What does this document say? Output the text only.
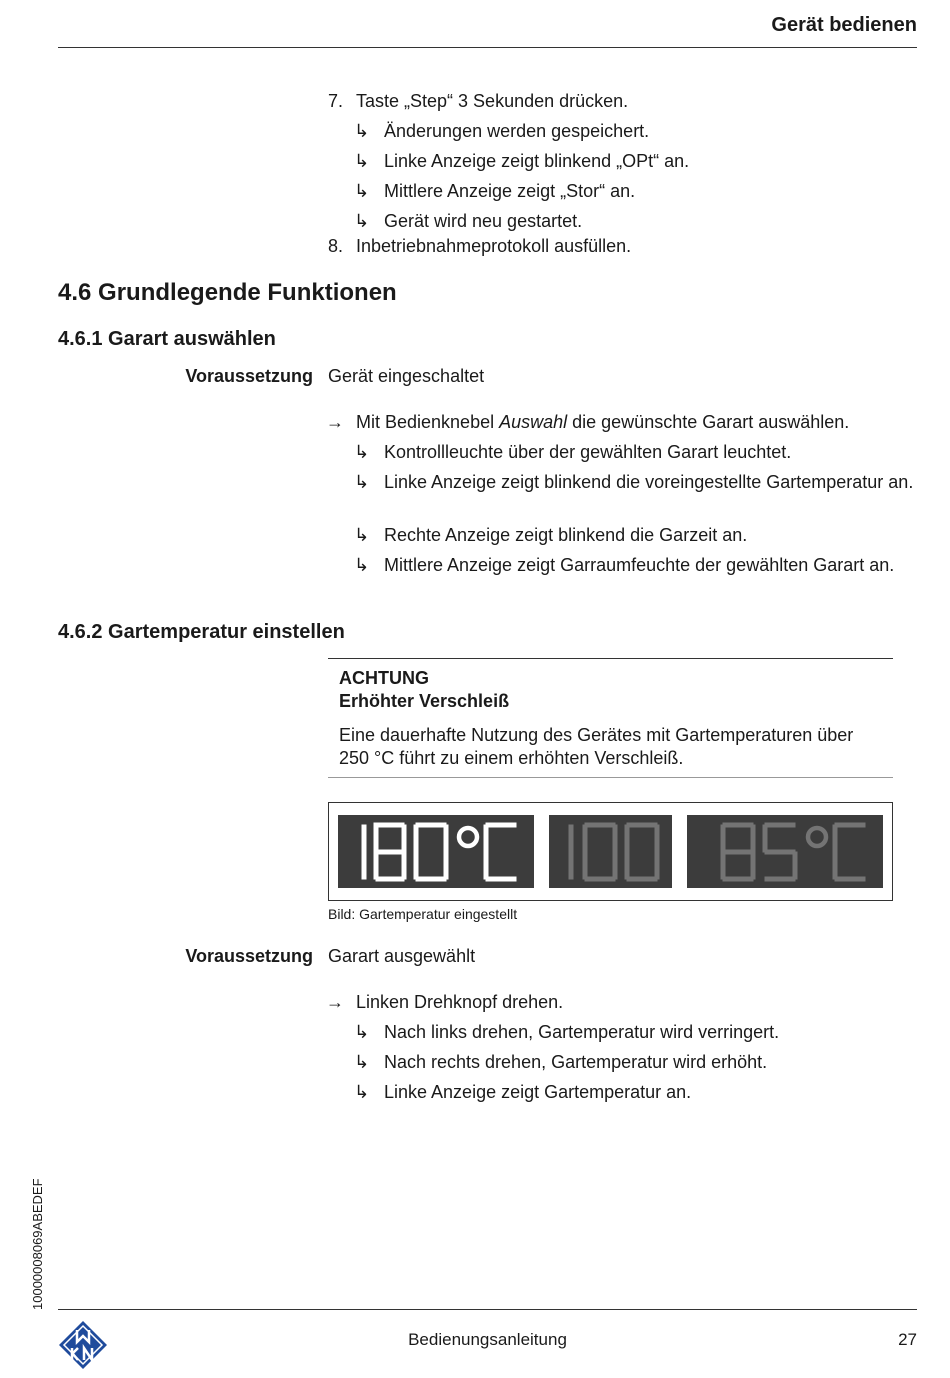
Gerät bedienen
7. Taste „Step“ 3 Sekunden drücken.
↳ Änderungen werden gespeichert.
↳ Linke Anzeige zeigt blinkend „OPt“ an.
↳ Mittlere Anzeige zeigt „Stor“ an.
↳ Gerät wird neu gestartet.
8. Inbetriebnahmeprotokoll ausfüllen.
4.6 Grundlegende Funktionen
4.6.1 Garart auswählen
Voraussetzung Gerät eingeschaltet
→ Mit Bedienknebel Auswahl die gewünschte Garart auswählen.
↳ Kontrollleuchte über der gewählten Garart leuchtet.
↳ Linke Anzeige zeigt blinkend die voreingestellte Gartemperatur an.
↳ Rechte Anzeige zeigt blinkend die Garzeit an.
↳ Mittlere Anzeige zeigt Garraumfeuchte der gewählten Garart an.
4.6.2 Gartemperatur einstellen
ACHTUNG
Erhöhter Verschleiß
Eine dauerhafte Nutzung des Gerätes mit Gartemperaturen über 250 °C führt zu einem erhöhten Verschleiß.
Bild: Gartemperatur eingestellt
Voraussetzung Garart ausgewählt
→ Linken Drehknopf drehen.
↳ Nach links drehen, Gartemperatur wird verringert.
↳ Nach rechts drehen, Gartemperatur wird erhöht.
↳ Linke Anzeige zeigt Gartemperatur an.
10000008069ABEDEF
Bedienungsanleitung	27
